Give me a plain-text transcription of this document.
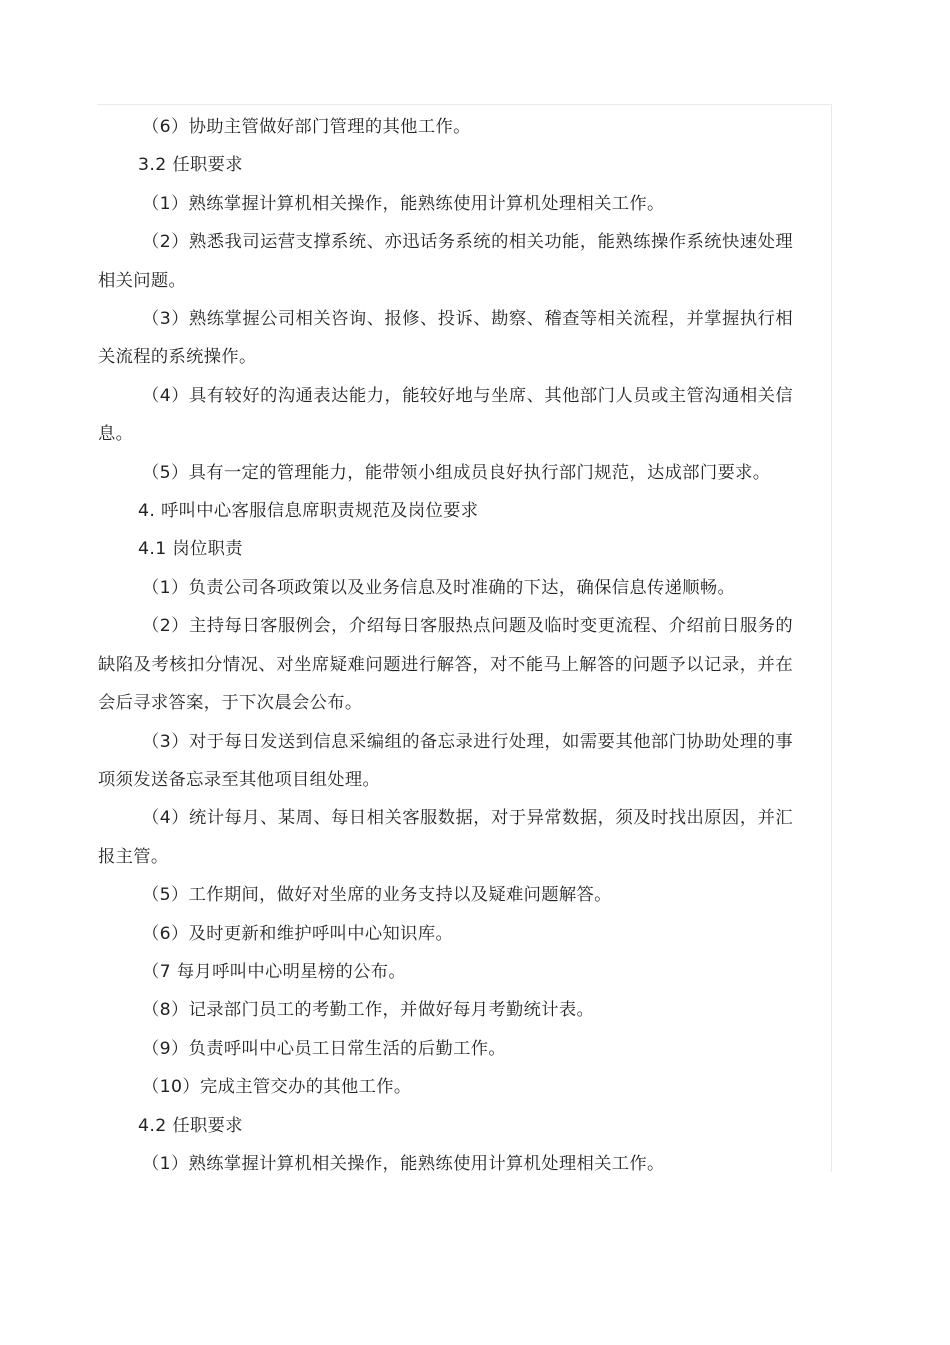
（6）协助主管做好部门管理的其他工作。

3.2 任职要求

（1）熟练掌握计算机相关操作，能熟练使用计算机处理相关工作。

（2）熟悉我司运营支撑系统、亦迅话务系统的相关功能，能熟练操作系统快速处理相关问题。

（3）熟练掌握公司相关咨询、报修、投诉、勘察、稽查等相关流程，并掌握执行相关流程的系统操作。

（4）具有较好的沟通表达能力，能较好地与坐席、其他部门人员或主管沟通相关信息。

（5）具有一定的管理能力，能带领小组成员良好执行部门规范，达成部门要求。

4. 呼叫中心客服信息席职责规范及岗位要求

4.1 岗位职责

（1）负责公司各项政策以及业务信息及时准确的下达，确保信息传递顺畅。

（2）主持每日客服例会，介绍每日客服热点问题及临时变更流程、介绍前日服务的缺陷及考核扣分情况、对坐席疑难问题进行解答，对不能马上解答的问题予以记录，并在会后寻求答案，于下次晨会公布。

（3）对于每日发送到信息采编组的备忘录进行处理，如需要其他部门协助处理的事项须发送备忘录至其他项目组处理。

（4）统计每月、某周、每日相关客服数据，对于异常数据，须及时找出原因，并汇报主管。

（5）工作期间，做好对坐席的业务支持以及疑难问题解答。

（6）及时更新和维护呼叫中心知识库。

（7 每月呼叫中心明星榜的公布。

（8）记录部门员工的考勤工作，并做好每月考勤统计表。

（9）负责呼叫中心员工日常生活的后勤工作。

（10）完成主管交办的其他工作。

4.2 任职要求

（1）熟练掌握计算机相关操作，能熟练使用计算机处理相关工作。
